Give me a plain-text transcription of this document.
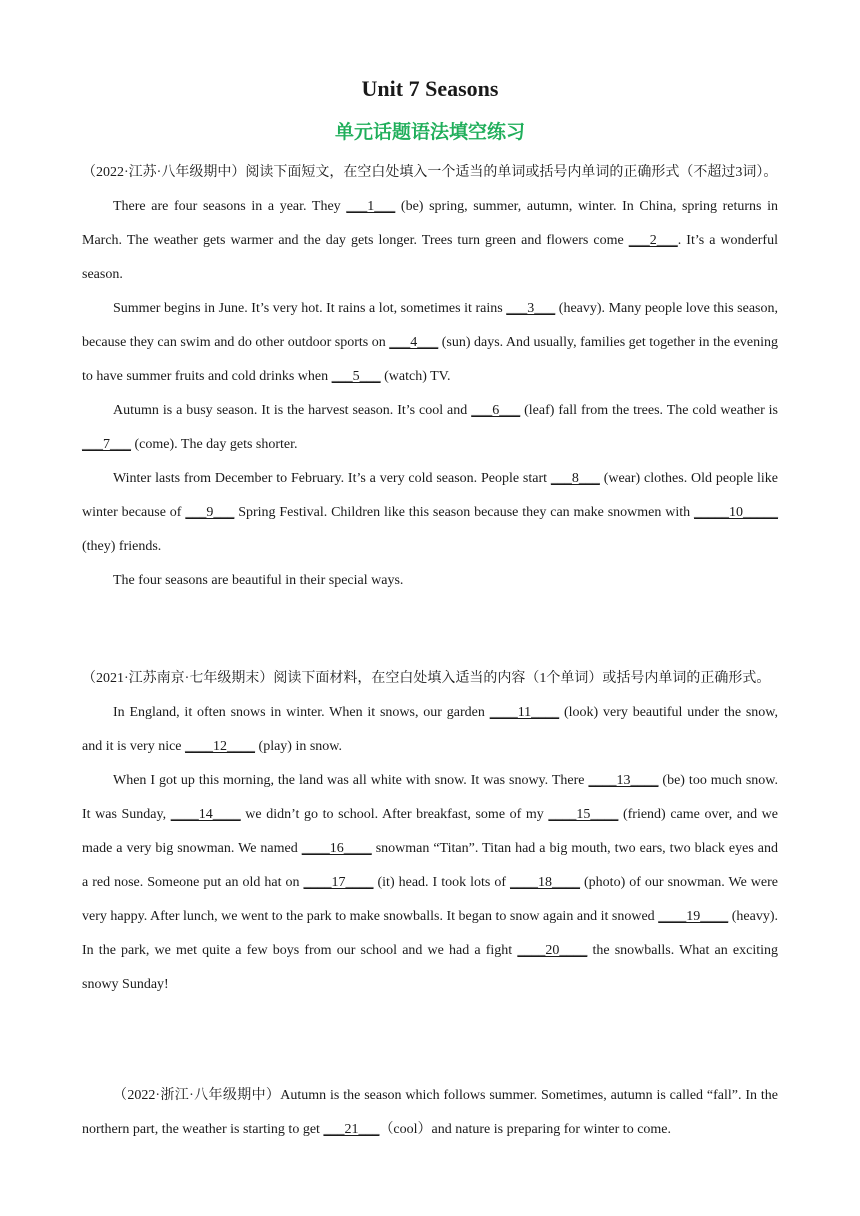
Unit 7 Seasons
单元话题语法填空练习

（2022·江苏·八年级期中）阅读下面短文，在空白处填入一个适当的单词或括号内单词的正确形式（不超过3词）。

There are four seasons in a year. They ___1___ (be) spring, summer, autumn, winter. In China, spring returns in March. The weather gets warmer and the day gets longer. Trees turn green and flowers come ___2___. It’s a wonderful season.

Summer begins in June. It’s very hot. It rains a lot, sometimes it rains ___3___ (heavy). Many people love this season, because they can swim and do other outdoor sports on ___4___ (sun) days. And usually, families get together in the evening to have summer fruits and cold drinks when ___5___ (watch) TV.

Autumn is a busy season. It is the harvest season. It’s cool and ___6___ (leaf) fall from the trees. The cold weather is ___7___ (come). The day gets shorter.

Winter lasts from December to February. It’s a very cold season. People start ___8___ (wear) clothes. Old people like winter because of ___9___ Spring Festival. Children like this season because they can make snowmen with _____10_____ (they) friends.

The four seasons are beautiful in their special ways.

（2021·江苏南京·七年级期末）阅读下面材料，在空白处填入适当的内容（1个单词）或括号内单词的正确形式。

In England, it often snows in winter. When it snows, our garden ____11____ (look) very beautiful under the snow, and it is very nice ____12____ (play) in snow.

When I got up this morning, the land was all white with snow. It was snowy. There ____13____ (be) too much snow. It was Sunday, ____14____ we didn’t go to school. After breakfast, some of my ____15____ (friend) came over, and we made a very big snowman. We named ____16____ snowman “Titan”. Titan had a big mouth, two ears, two black eyes and a red nose. Someone put an old hat on ____17____ (it) head. I took lots of ____18____ (photo) of our snowman. We were very happy. After lunch, we went to the park to make snowballs. It began to snow again and it snowed ____19____ (heavy). In the park, we met quite a few boys from our school and we had a fight ____20____ the snowballs. What an exciting snowy Sunday!

（2022·浙江·八年级期中）Autumn is the season which follows summer. Sometimes, autumn is called “fall”. In the northern part, the weather is starting to get ___21___（cool）and nature is preparing for winter to come.
